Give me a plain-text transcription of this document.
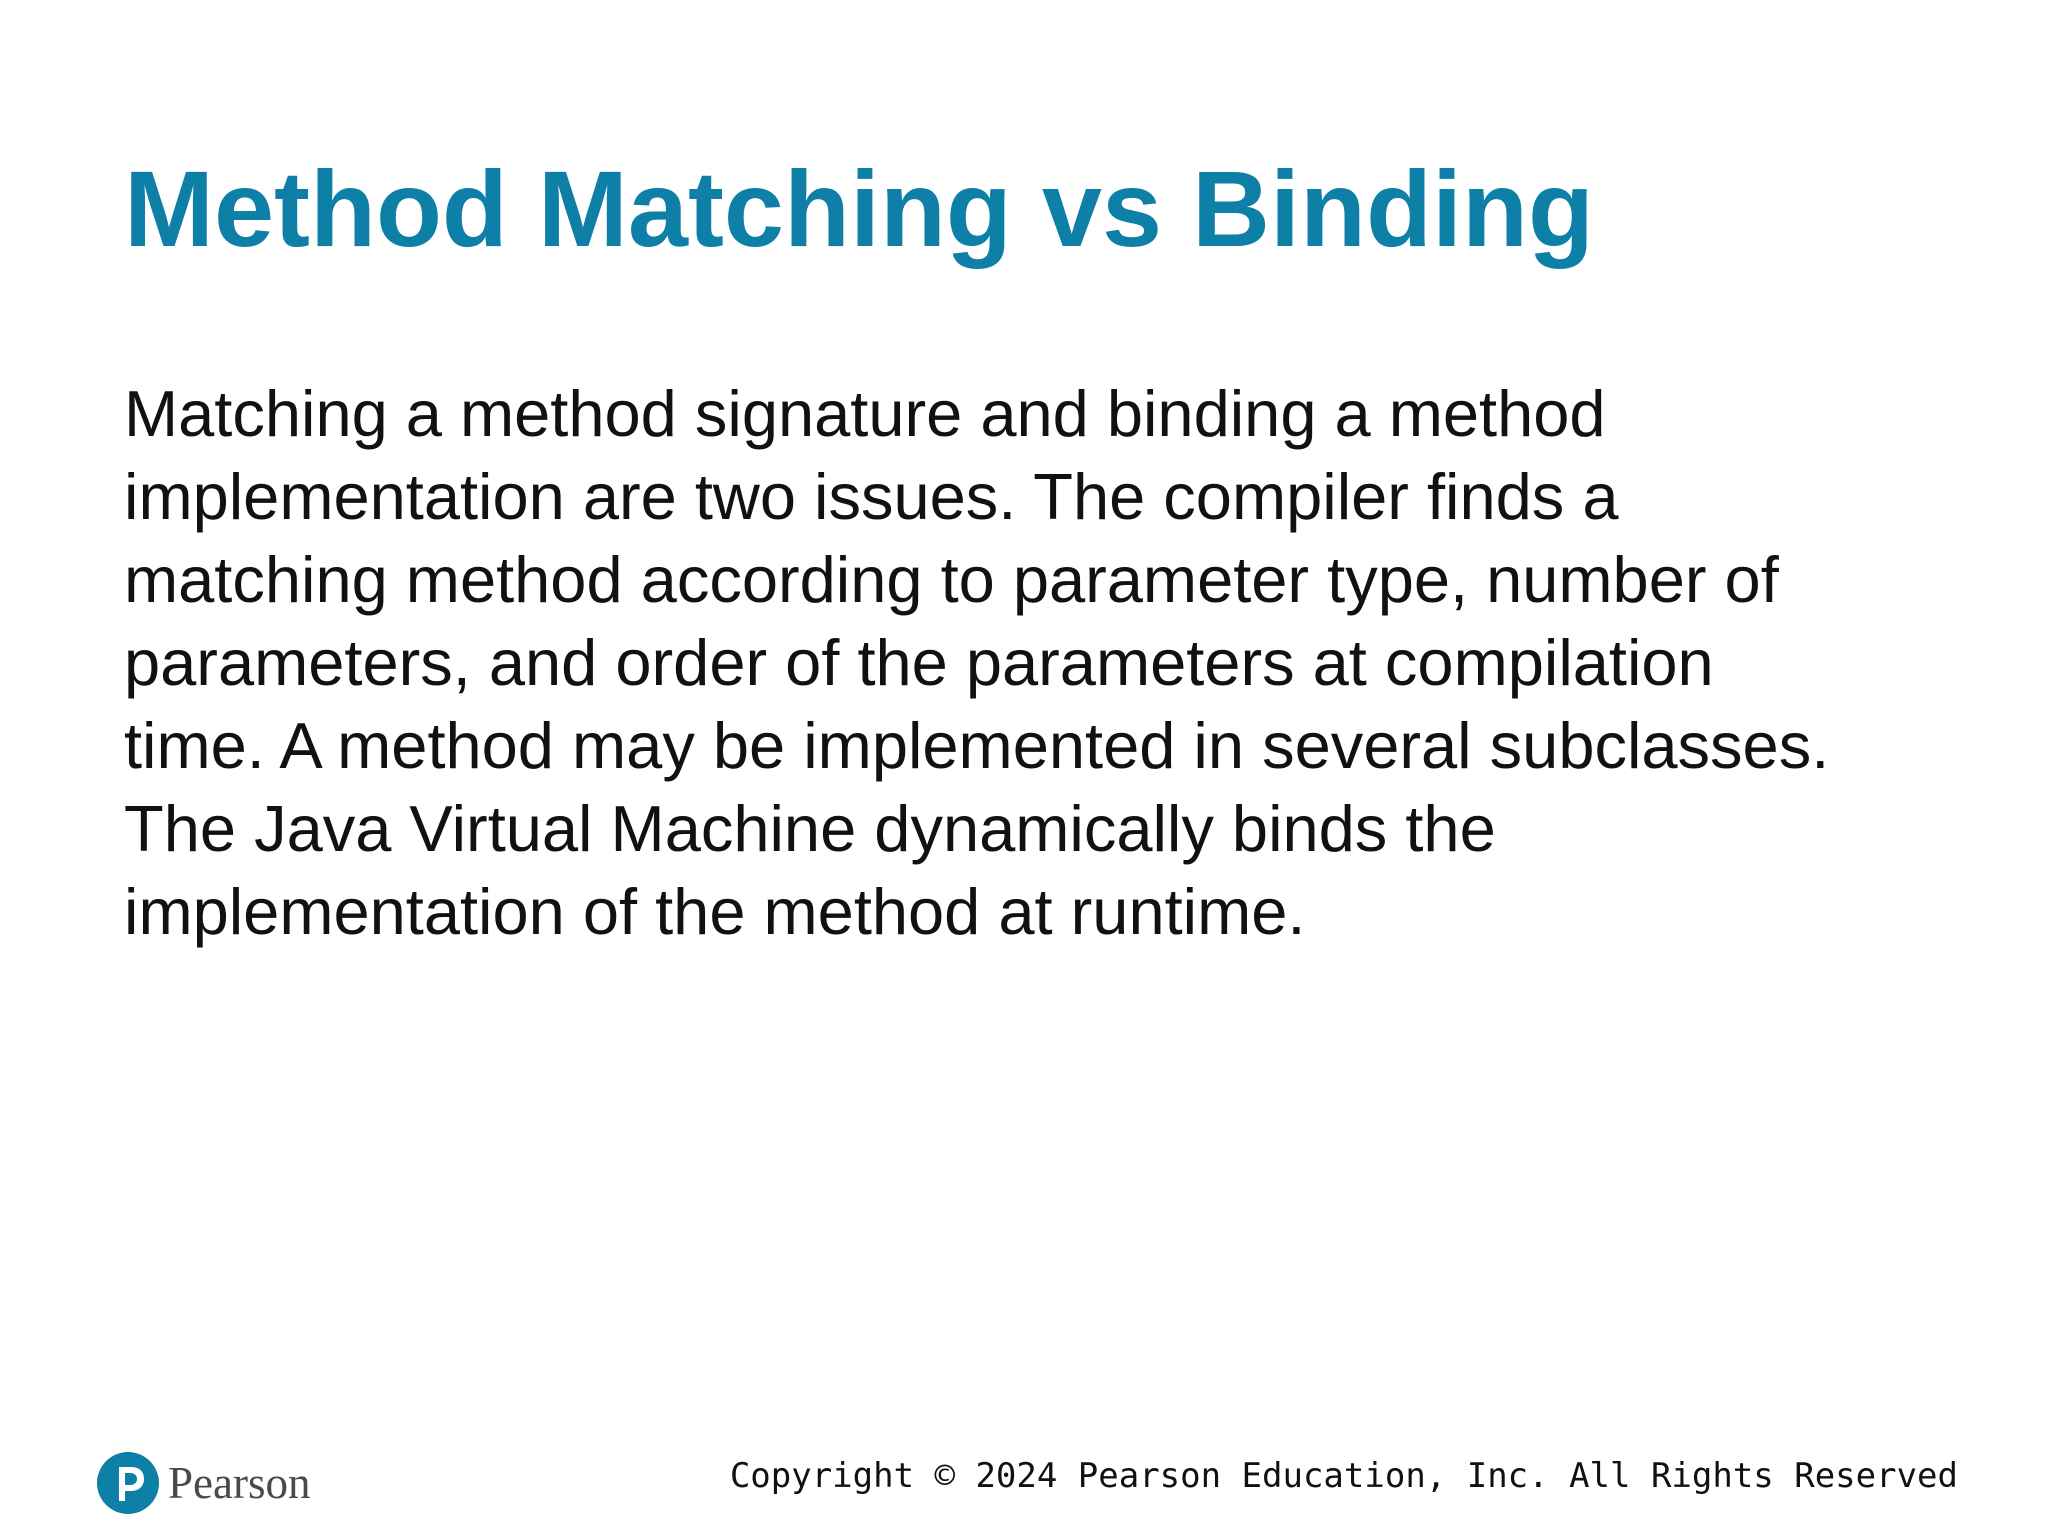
Method Matching vs Binding
Matching a method signature and binding a method
implementation are two issues. The compiler finds a
matching method according to parameter type, number of
parameters, and order of the parameters at compilation
time. A method may be implemented in several subclasses.
The Java Virtual Machine dynamically binds the
implementation of the method at runtime.
Pearson	Copyright © 2024 Pearson Education, Inc. All Rights Reserved
